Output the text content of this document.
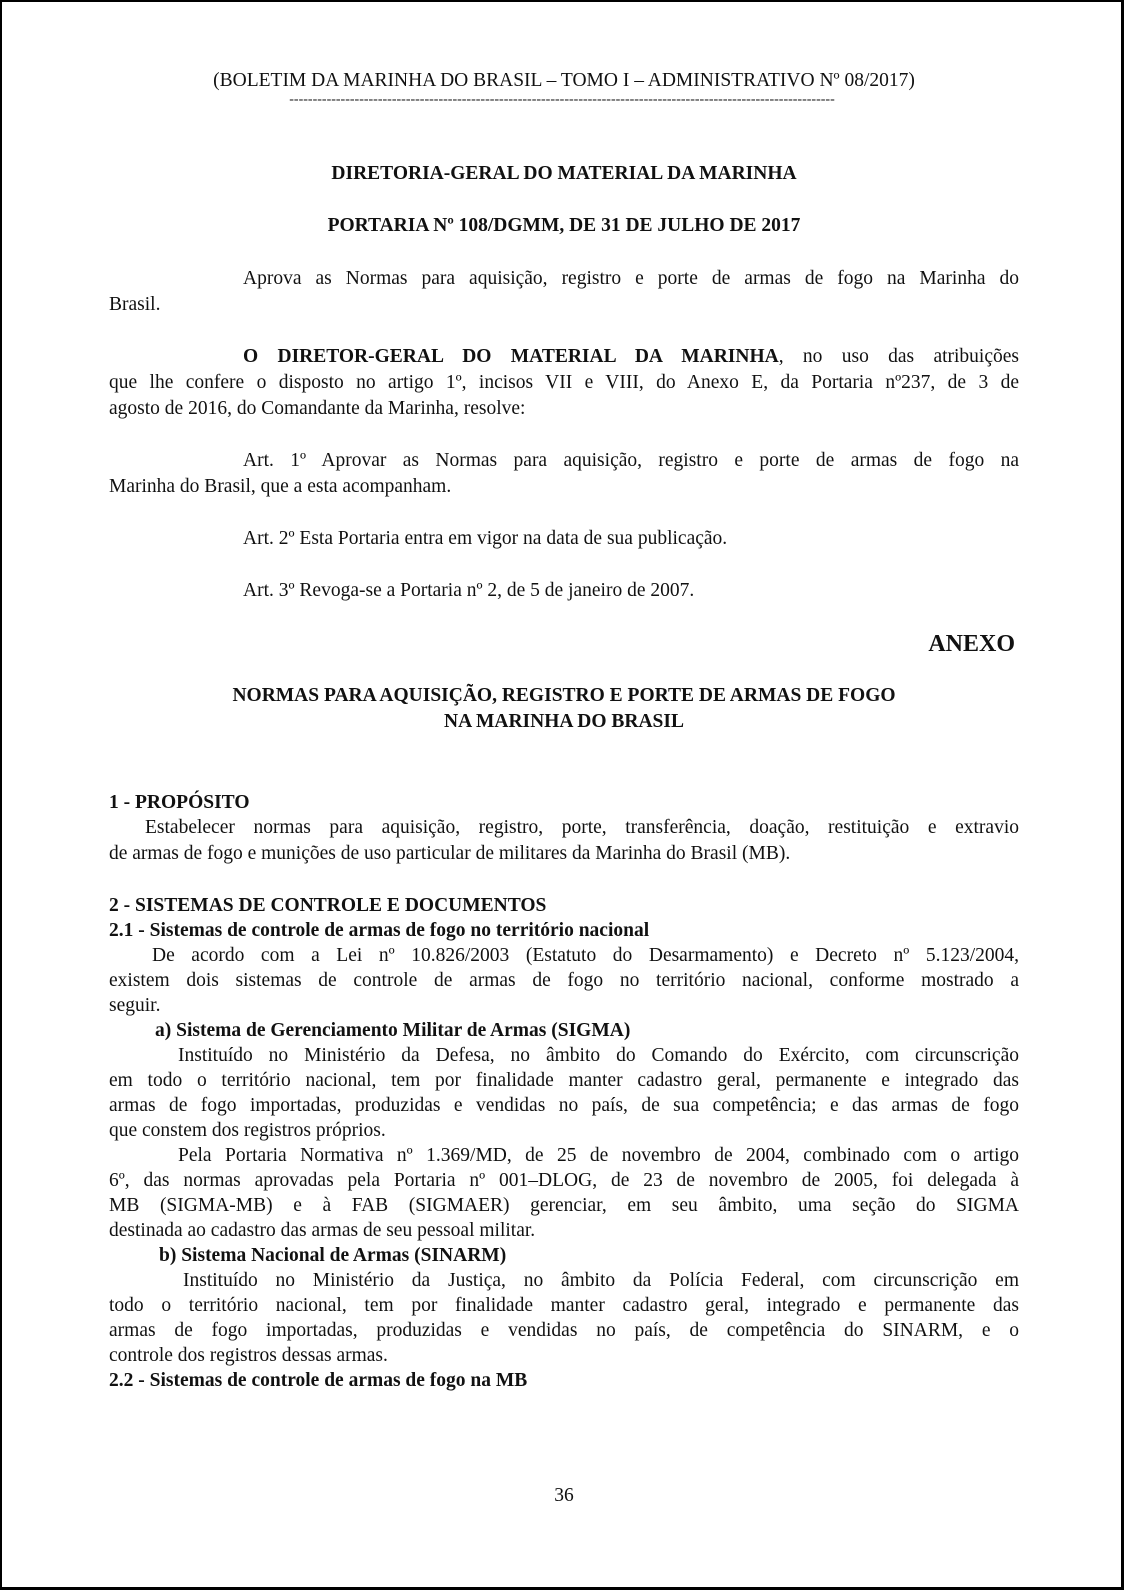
(BOLETIM DA MARINHA DO BRASIL – TOMO I – ADMINISTRATIVO Nº 08/2017)
---------------------------------------------------------------------------------------------------------------------
DIRETORIA-GERAL DO MATERIAL DA MARINHA
PORTARIA Nº 108/DGMM, DE 31 DE JULHO DE 2017
Aprova as Normas para aquisição, registro e porte de armas de fogo na Marinha do
Brasil.
O DIRETOR-GERAL DO MATERIAL DA MARINHA, no uso das atribuições
que lhe confere o disposto no artigo 1º, incisos VII e VIII, do Anexo E, da Portaria nº237, de 3 de
agosto de 2016, do Comandante da Marinha, resolve:
Art. 1º Aprovar as Normas para aquisição, registro e porte de armas de fogo na
Marinha do Brasil, que a esta acompanham.
Art. 2º Esta Portaria entra em vigor na data de sua publicação.
Art. 3º Revoga-se a Portaria nº 2, de 5 de janeiro de 2007.
ANEXO
NORMAS PARA AQUISIÇÃO, REGISTRO E PORTE DE ARMAS DE FOGO
NA MARINHA DO BRASIL
1 - PROPÓSITO
Estabelecer normas para aquisição, registro, porte, transferência, doação, restituição e extravio
de armas de fogo e munições de uso particular de militares da Marinha do Brasil (MB).
2 - SISTEMAS DE CONTROLE E DOCUMENTOS
2.1 - Sistemas de controle de armas de fogo no território nacional
De acordo com a Lei nº 10.826/2003 (Estatuto do Desarmamento) e Decreto nº 5.123/2004,
existem dois sistemas de controle de armas de fogo no território nacional, conforme mostrado a
seguir.
a) Sistema de Gerenciamento Militar de Armas (SIGMA)
Instituído no Ministério da Defesa, no âmbito do Comando do Exército, com circunscrição
em todo o território nacional, tem por finalidade manter cadastro geral, permanente e integrado das
armas de fogo importadas, produzidas e vendidas no país, de sua competência; e das armas de fogo
que constem dos registros próprios.
Pela Portaria Normativa nº 1.369/MD, de 25 de novembro de 2004, combinado com o artigo
6º, das normas aprovadas pela Portaria nº 001–DLOG, de 23 de novembro de 2005, foi delegada à
MB (SIGMA-MB) e à FAB (SIGMAER) gerenciar, em seu âmbito, uma seção do SIGMA
destinada ao cadastro das armas de seu pessoal militar.
b) Sistema Nacional de Armas (SINARM)
Instituído no Ministério da Justiça, no âmbito da Polícia Federal, com circunscrição em
todo o território nacional, tem por finalidade manter cadastro geral, integrado e permanente das
armas de fogo importadas, produzidas e vendidas no país, de competência do SINARM, e o
controle dos registros dessas armas.
2.2 - Sistemas de controle de armas de fogo na MB
36
